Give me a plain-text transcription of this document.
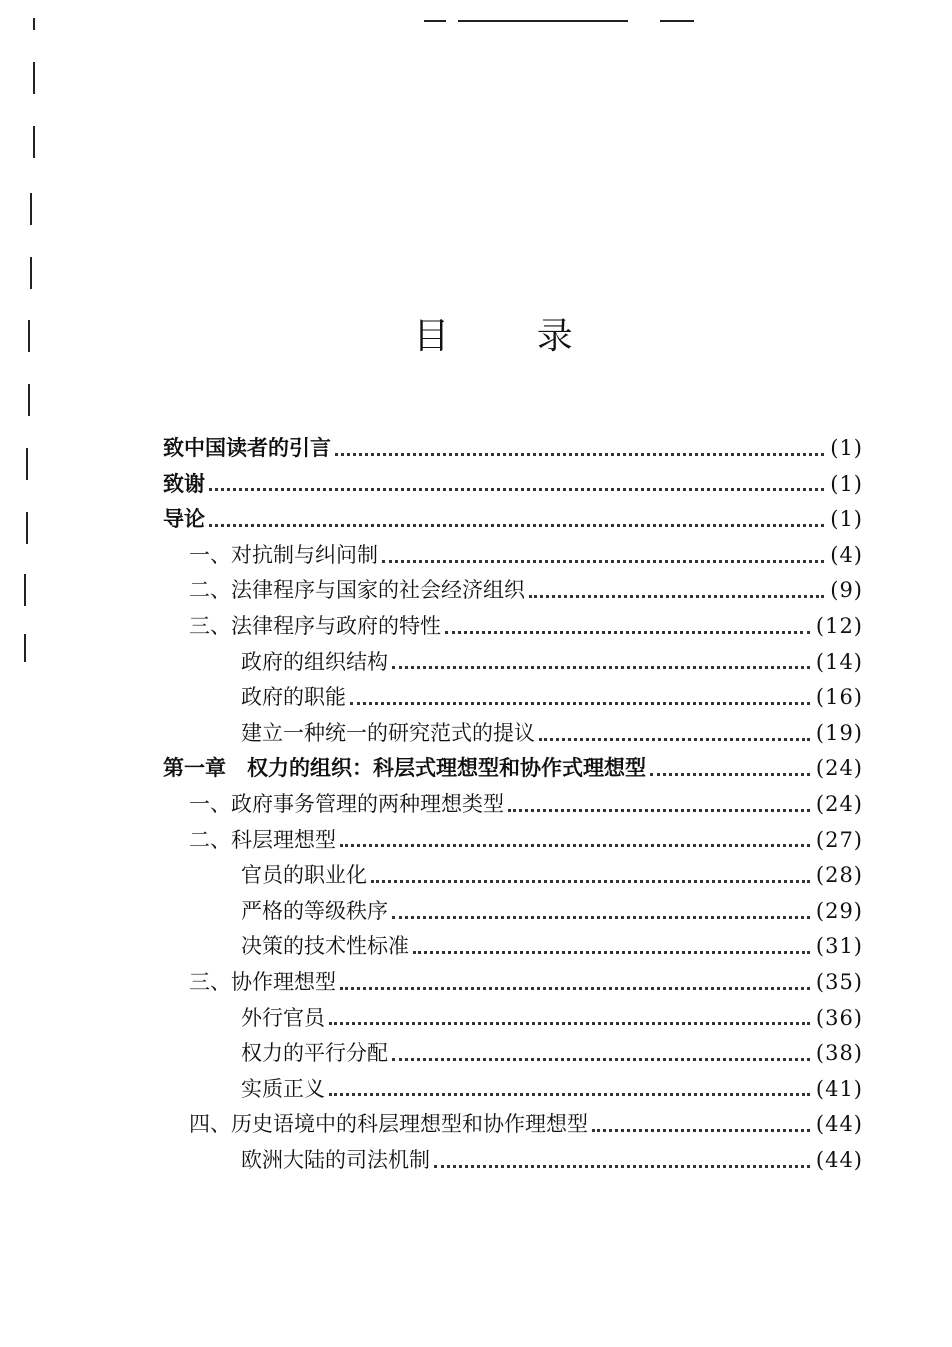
目 录
致中国读者的引言	(1)
致谢	(1)
导论	(1)
一、对抗制与纠问制	(4)
二、法律程序与国家的社会经济组织	(9)
三、法律程序与政府的特性	(12)
政府的组织结构	(14)
政府的职能	(16)
建立一种统一的研究范式的提议	(19)
第一章　权力的组织：科层式理想型和协作式理想型	(24)
一、政府事务管理的两种理想类型	(24)
二、科层理想型	(27)
官员的职业化	(28)
严格的等级秩序	(29)
决策的技术性标准	(31)
三、协作理想型	(35)
外行官员	(36)
权力的平行分配	(38)
实质正义	(41)
四、历史语境中的科层理想型和协作理想型	(44)
欧洲大陆的司法机制	(44)
